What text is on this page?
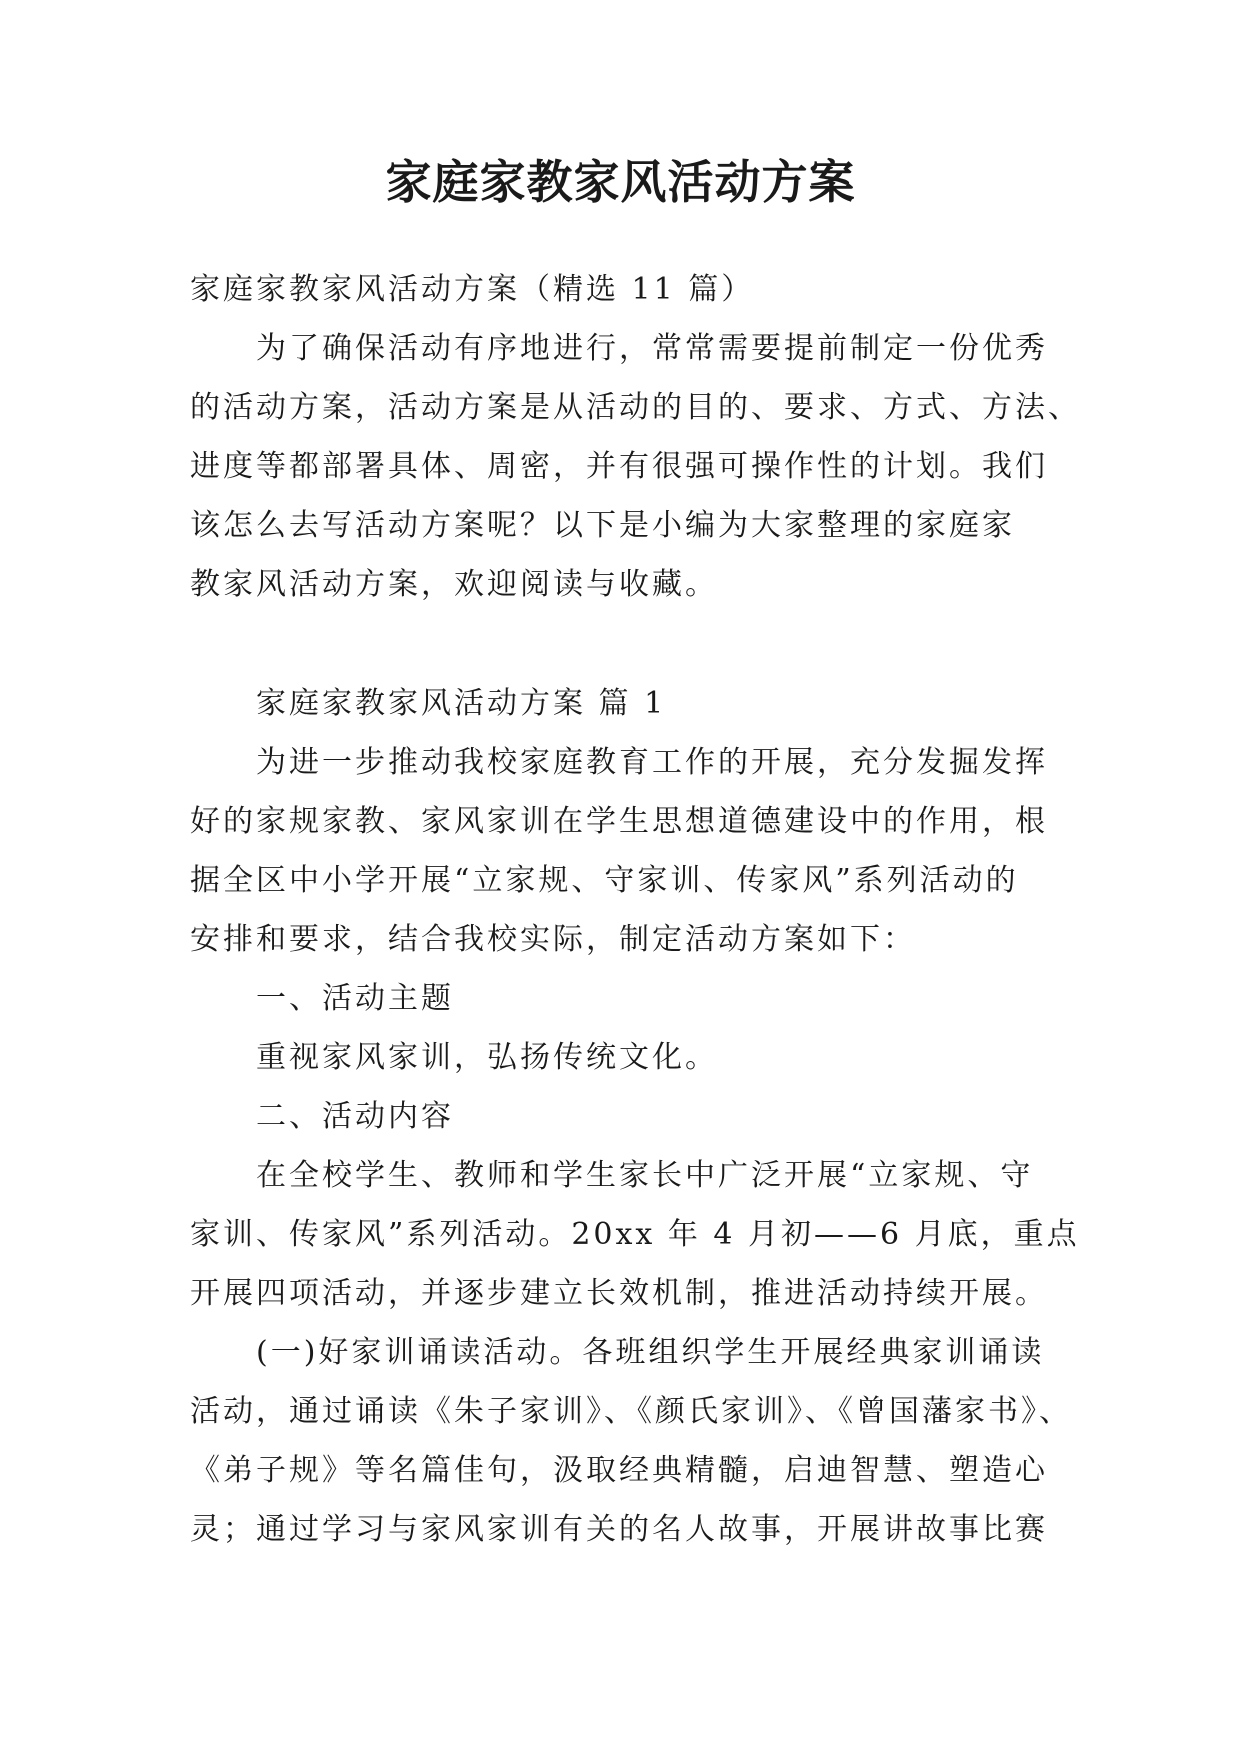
家庭家教家风活动方案

家庭家教家风活动方案（精选 11 篇）

为了确保活动有序地进行，常常需要提前制定一份优秀

的活动方案，活动方案是从活动的目的、要求、方式、方法、

进度等都部署具体、周密，并有很强可操作性的计划。我们

该怎么去写活动方案呢？以下是小编为大家整理的家庭家

教家风活动方案，欢迎阅读与收藏。

家庭家教家风活动方案 篇 1

为进一步推动我校家庭教育工作的开展，充分发掘发挥

好的家规家教、家风家训在学生思想道德建设中的作用，根

据全区中小学开展“立家规、守家训、传家风”系列活动的

安排和要求，结合我校实际，制定活动方案如下：

一、活动主题

重视家风家训，弘扬传统文化。

二、活动内容

在全校学生、教师和学生家长中广泛开展“立家规、守

家训、传家风”系列活动。20xx 年 4 月初——6 月底，重点

开展四项活动，并逐步建立长效机制，推进活动持续开展。

(一)好家训诵读活动。各班组织学生开展经典家训诵读

活动，通过诵读《朱子家训》、《颜氏家训》、《曾国藩家书》、

《弟子规》等名篇佳句，汲取经典精髓，启迪智慧、塑造心

灵；通过学习与家风家训有关的名人故事，开展讲故事比赛
